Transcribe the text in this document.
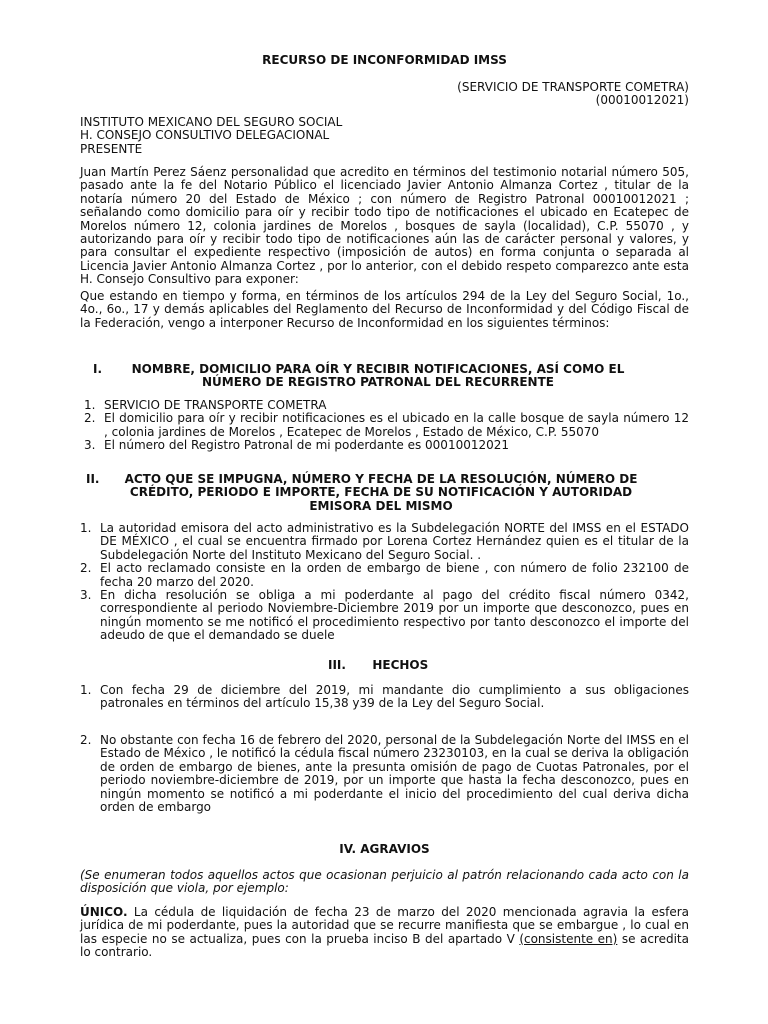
RECURSO DE INCONFORMIDAD IMSS

(SERVICIO DE TRANSPORTE COMETRA)

(00010012021)

INSTITUTO MEXICANO DEL SEGURO SOCIAL
H. CONSEJO CONSULTIVO DELEGACIONAL
PRESENTE

Juan Martín Perez Sáenz personalidad que acredito en términos del testimonio notarial número 505, pasado ante la fe del Notario Público el licenciado Javier Antonio Almanza Cortez , titular de la notaría número 20 del Estado de México ; con número de Registro Patronal 00010012021 ; señalando como domicilio para oír y recibir todo tipo de notificaciones el ubicado en Ecatepec de Morelos número 12, colonia jardines de Morelos , bosques de sayla (localidad), C.P. 55070 , y autorizando para oír y recibir todo tipo de notificaciones aún las de carácter personal y valores, y para consultar el expediente respectivo (imposición de autos) en forma conjunta o separada al Licencia Javier Antonio Almanza Cortez , por lo anterior, con el debido respeto comparezco ante esta H. Consejo Consultivo para exponer:

Que estando en tiempo y forma, en términos de los artículos 294 de la Ley del Seguro Social, 1o., 4o., 6o., 17 y demás aplicables del Reglamento del Recurso de Inconformidad y del Código Fiscal de la Federación, vengo a interponer Recurso de Inconformidad en los siguientes términos:

I.	NOMBRE, DOMICILIO PARA OÍR Y RECIBIR NOTIFICACIONES, ASÍ COMO EL
NÚMERO DE REGISTRO PATRONAL DEL RECURRENTE
1. SERVICIO DE TRANSPORTE COMETRA
2. El domicilio para oír y recibir notificaciones es el ubicado en la calle bosque de sayla número 12 , colonia jardines de Morelos , Ecatepec de Morelos , Estado de México, C.P. 55070
3. El número del Registro Patronal de mi poderdante es 00010012021
II.	ACTO QUE SE IMPUGNA, NÚMERO Y FECHA DE LA RESOLUCIÓN, NÚMERO DE
CRÉDITO, PERIODO E IMPORTE, FECHA DE SU NOTIFICACIÓN Y AUTORIDAD
EMISORA DEL MISMO
1. La autoridad emisora del acto administrativo es la Subdelegación NORTE del IMSS en el ESTADO DE MÉXICO , el cual se encuentra firmado por Lorena Cortez Hernández quien es el titular de la Subdelegación Norte del Instituto Mexicano del Seguro Social. .
2. El acto reclamado consiste en la orden de embargo de biene , con número de folio 232100 de fecha 20 marzo del 2020.
3. En dicha resolución se obliga a mi poderdante al pago del crédito fiscal número 0342, correspondiente al periodo Noviembre-Diciembre 2019 por un importe que desconozco, pues en ningún momento se me notificó el procedimiento respectivo por tanto desconozco el importe del adeudo de que el demandado se duele
III. HECHOS
1. Con fecha 29 de diciembre del 2019, mi mandante dio cumplimiento a sus obligaciones patronales en términos del artículo 15,38 y39 de la Ley del Seguro Social.
2. No obstante con fecha 16 de febrero del 2020, personal de la Subdelegación Norte del IMSS en el Estado de México , le notificó la cédula fiscal número 23230103, en la cual se deriva la obligación de orden de embargo de bienes, ante la presunta omisión de pago de Cuotas Patronales, por el periodo noviembre-diciembre de 2019, por un importe que hasta la fecha desconozco, pues en ningún momento se notificó a mi poderdante el inicio del procedimiento del cual deriva dicha orden de embargo

IV. AGRAVIOS

(Se enumeran todos aquellos actos que ocasionan perjuicio al patrón relacionando cada acto con la disposición que viola, por ejemplo:

ÚNICO. La cédula de liquidación de fecha 23 de marzo del 2020 mencionada agravia la esfera jurídica de mi poderdante, pues la autoridad que se recurre manifiesta que se embargue , lo cual en las especie no se actualiza, pues con la prueba inciso B del apartado V (consistente en) se acredita lo contrario.
